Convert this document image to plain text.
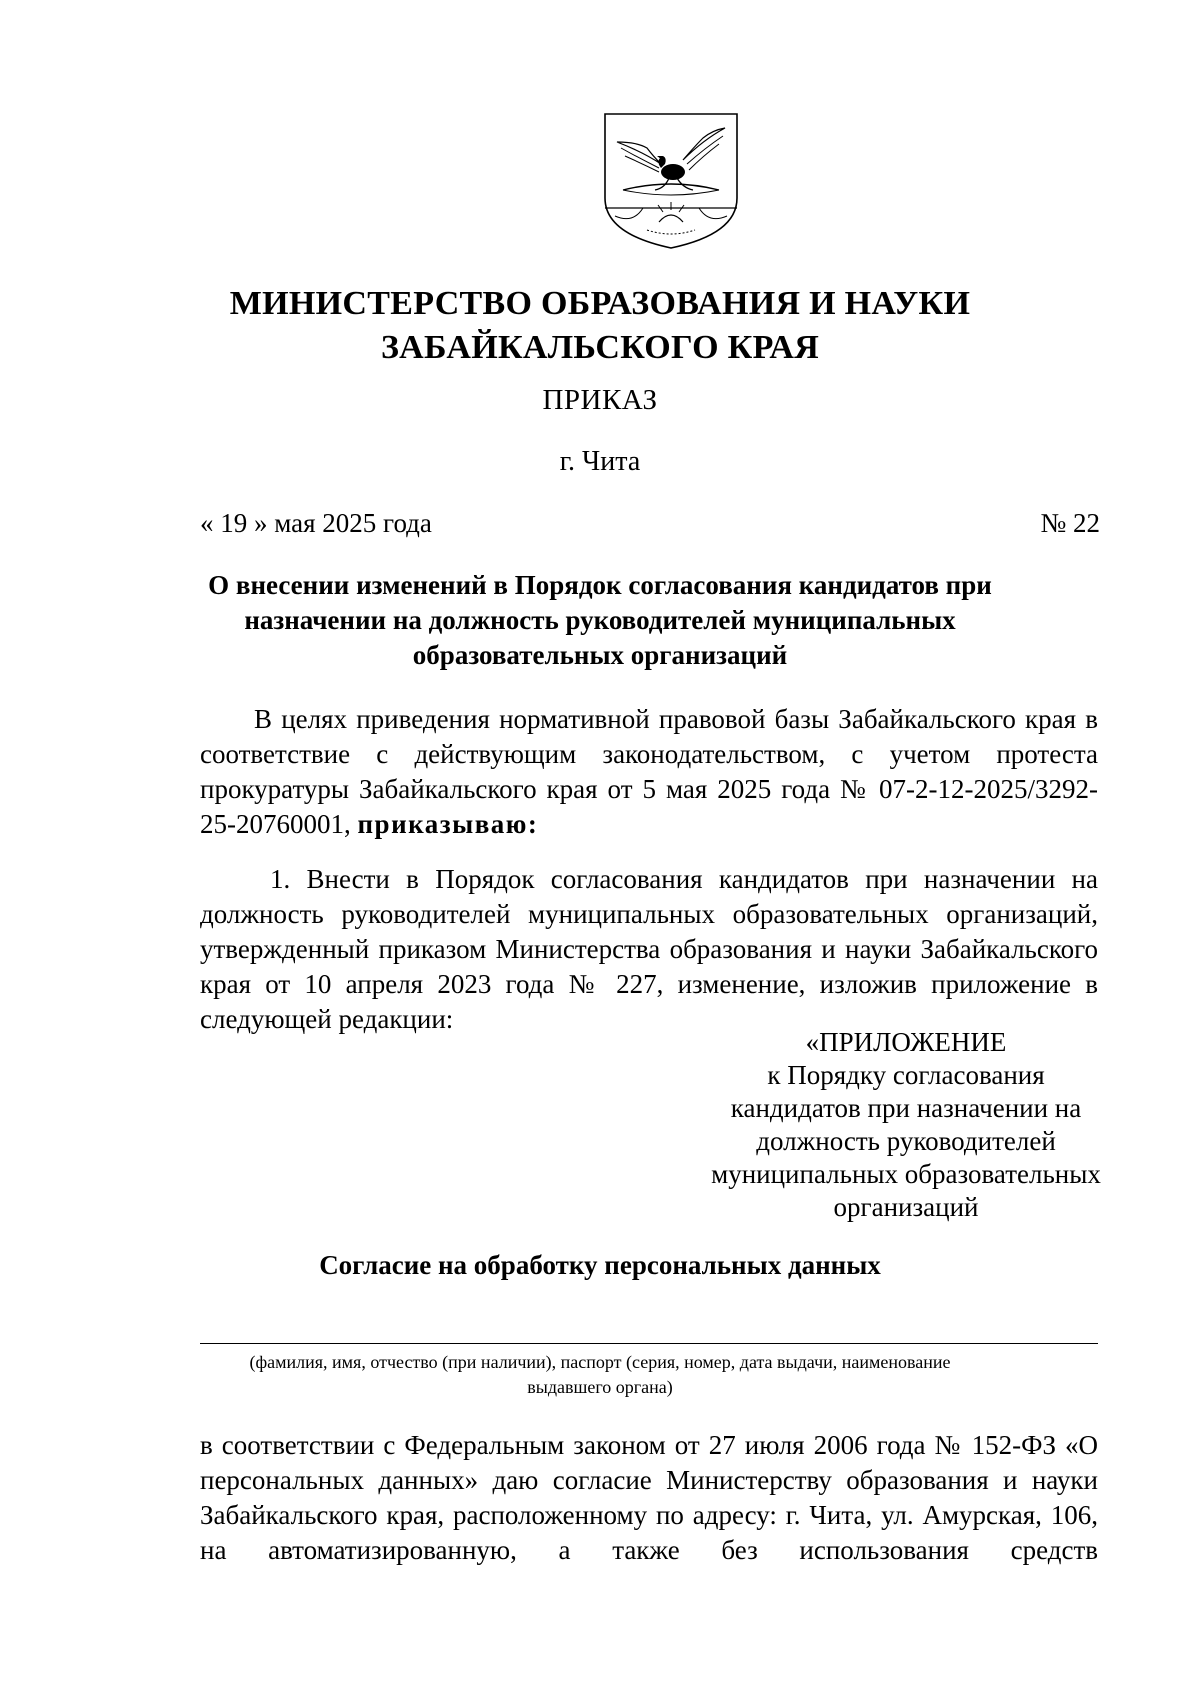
МИНИСТЕРСТВО ОБРАЗОВАНИЯ И НАУКИ
ЗАБАЙКАЛЬСКОГО КРАЯ
ПРИКАЗ
г. Чита
« 19 » мая 2025 года	№ 22
О внесении изменений в Порядок согласования кандидатов при
назначении на должность руководителей муниципальных
образовательных организаций
В целях приведения нормативной правовой базы Забайкальского края в соответствие с действующим законодательством, с учетом протеста прокуратуры Забайкальского края от 5 мая 2025 года № 07-2-12-2025/3292-25-20760001, приказываю:
1. Внести в Порядок согласования кандидатов при назначении на должность руководителей муниципальных образовательных организаций, утвержденный приказом Министерства образования и науки Забайкальского края от 10 апреля 2023 года № 227, изменение, изложив приложение в следующей редакции:
«ПРИЛОЖЕНИЕ
к Порядку согласования
кандидатов при назначении на
должность руководителей
муниципальных образовательных
организаций
Согласие на обработку персональных данных
(фамилия, имя, отчество (при наличии), паспорт (серия, номер, дата выдачи, наименование
выдавшего органа)
в соответствии с Федеральным законом от 27 июля 2006 года № 152-ФЗ «О персональных данных» даю согласие Министерству образования и науки Забайкальского края, расположенному по адресу: г. Чита, ул. Амурская, 106, на автоматизированную, а также без использования средств
